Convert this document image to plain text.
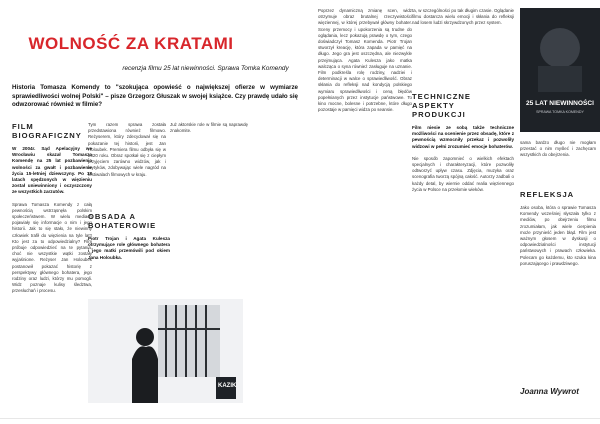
WOLNOŚĆ ZA KRATAMI
recenzja filmu 25 lat niewinności. Sprawa Tomka Komendy
Historia Tomasza Komendy to "szokująca opowieść o największej ofierze w wymiarze sprawiedliwości wolnej Polski" – pisze Grzegorz Głuszak w swojej książce. Czy prawdę udało się odwzorować również w filmie?
FILM
BIOGRAFICZNY
W 2004r. Sąd Apelacyjny we Wrocławiu skazał Tomasza Komendę na 25 lat pozbawienia wolności za gwałt i pozbawienie życia 15-letniej dziewczyny. Po 18 latach spędzonych w więzieniu został uniewinniony i oczyszczony ze wszystkich zarzutów.
Sprawa Tomasza Komendy z całą pewnością wstrząsnęła polskim społeczeństwem. W wielu mediach pojawiały się informacje o nim i jego historii. Jak to się stało, że niewinny człowiek trafił do więzienia na tyle lat? Kto jest za to odpowiedzialny? Film próbuje odpowiedzieć na te pytania, choć nie wszystkie wątki zostały wyjaśnione. Reżyser Jan Holoubek postanowił pokazać historię z perspektywy głównego bohatera, jego rodziny oraz ludzi, którzy mu pomogli. Widz poznaje kulisy śledztwa, przesłuchań i procesu.
Tym razem sprawa została przedstawiona również filmowo. Reżyserem, który zdecydował się na pokazanie tej historii, jest Jan Holoubek. Premiera filmu odbyła się w 2020 roku. Obraz spotkał się z ciepłym przyjęciem zarówno widzów, jak i krytyków, zdobywając wiele nagród na festiwalach filmowych w kraju.
Już aktorskie role w filmie są naprawdę znakomite.
OBSADA A
BOHATEROWIE
Piotr Trojan i Agata Kulesza otrzymujące role głównego bohatera i jego matki przemówili pod okiem Jana Holoubka.
KAZIK
Poprzez dynamiczną zmianę scen, widz otrzymuje obraz brutalnej rzeczywistości więziennej, w której przebywał główny bohater. Sceny przemocy i upokorzenia są trudne do oglądania, lecz pokazują prawdę o tym, czego doświadczył Tomasz Komenda. Piotr Trojan stworzył kreację, która zapada w pamięć na długo. Jego gra jest oszczędna, ale niezwykle przejmująca. Agata Kulesza jako matka walcząca o syna również zasługuje na uznanie. Film podkreśla rolę rodziny, nadziei i determinacji w walce o sprawiedliwość. Obraz skłania do refleksji nad kondycją polskiego wymiaru sprawiedliwości i ceną błędów popełnianych przez instytucje państwowe. To kino mocne, bolesne i potrzebne, które długo pozostaje w pamięci widza po seansie.
ta, w szczególności po tak długim czasie. Oglądanie filmu dostarcza wielu emocji i skłania do refleksji nad losem ludzi skrzywdzonych przez system.
TECHNICZNE
ASPEKTY
PRODUKCJI
Film niesie ze sobą także techniczne możliwości na ocenienie przez obsadę, które z pewnością wzmocniły przekaz i pozwoliły widzowi w pełni zrozumieć emocje bohaterów.
Nie sposób zapomnieć o wielkich efektach specjalnych i charakteryzacji, które pozwoliły odtworzyć upływ czasu. Zdjęcia, muzyka oraz scenografia tworzą spójną całość. Autorzy zadbali o każdy detal, by wiernie oddać realia więziennego życia w Polsce na przełomie wieków.
25 LAT NIEWINNOŚCI
SPRAWA TOMKA KOMENDY
sama bardzo długo nie mogłam przestać o nim myśleć i zachęcam wszystkich do obejrzenia.
REFLEKSJA
Jako osoba, która o sprawie Tomasza Komendy wcześniej słyszała tylko z mediów, po obejrzeniu filmu zrozumiałam, jak wiele cierpienia może przynieść jeden błąd. Film jest ważnym głosem w dyskusji o odpowiedzialności instytucji państwowych i prawach człowieka. Polecam go każdemu, kto szuka kina poruszającego i prawdziwego.
Joanna Wywrot
